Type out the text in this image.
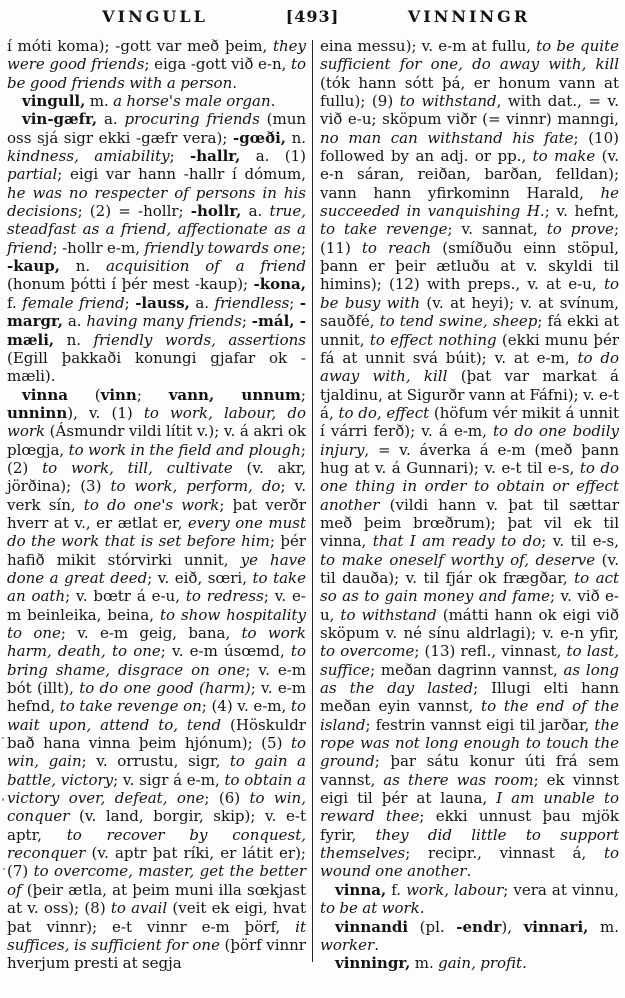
VINGULL	[493]	VINNINGR

í móti koma); -gott var með þeim, they were good friends; eiga -gott við e-n, to be good friends with a person.

vingull, m. a horse's male organ.

vin-gæfr, a. procuring friends (mun oss sjá sigr ekki -gæfr vera); -gœði, n. kindness, amiability; -hallr, a. (1) partial; eigi var hann -hallr í dómum, he was no respecter of persons in his decisions; (2) = -hollr; -hollr, a. true, steadfast as a friend, affectionate as a friend; -hollr e-m, friendly towards one; -kaup, n. acquisition of a friend (honum þótti í þér mest -kaup); -kona, f. female friend; -lauss, a. friendless; -margr, a. having many friends; -mál, -mæli, n. friendly words, assertions (Egill þakkaði konungi gjafar ok -mæli).

vinna (vinn; vann, unnum; unninn), v. (1) to work, labour, do work (Ásmundr vildi lítit v.); v. á akri ok plœgja, to work in the field and plough; (2) to work, till, cultivate (v. akr, jörðina); (3) to work, perform, do; v. verk sín, to do one's work; þat verðr hverr at v., er ætlat er, every one must do the work that is set before him; þér hafið mikit stórvirki unnit, ye have done a great deed; v. eið, sœri, to take an oath; v. bœtr á e-u, to redress; v. e-m beinleika, beina, to show hospitality to one; v. e-m geig, bana, to work harm, death, to one; v. e-m úsœmd, to bring shame, disgrace on one; v. e-m bót (illt), to do one good (harm); v. e-m hefnd, to take revenge on; (4) v. e-m, to wait upon, attend to, tend (Höskuldr bað hana vinna þeim hjónum); (5) to win, gain; v. orrustu, sigr, to gain a battle, victory; v. sigr á e-m, to obtain a victory over, defeat, one; (6) to win, conquer (v. land, borgir, skip); v. e-t aptr, to recover by conquest, reconquer (v. aptr þat ríki, er látit er); (7) to overcome, master, get the better of (þeir ætla, at þeim muni illa sœkjast at v. oss); (8) to avail (veit ek eigi, hvat þat vinnr); e-t vinnr e-m þörf, it suffices, is sufficient for one (þörf vinnr hverjum presti at segja

eina messu); v. e-m at fullu, to be quite sufficient for one, do away with, kill (tók hann sótt þá, er honum vann at fullu); (9) to withstand, with dat., = v. við e-u; sköpum viðr (= vinnr) manngi, no man can withstand his fate; (10) followed by an adj. or pp., to make (v. e-n sáran, reiðan, barðan, felldan); vann hann yfirkominn Harald, he succeeded in vanquishing H.; v. hefnt, to take revenge; v. sannat, to prove; (11) to reach (smíðuðu einn stöpul, þann er þeir ætluðu at v. skyldi til himins); (12) with preps., v. at e-u, to be busy with (v. at heyi); v. at svínum, sauðfé, to tend swine, sheep; fá ekki at unnit, to effect nothing (ekki munu þér fá at unnit svá búit); v. at e-m, to do away with, kill (þat var markat á tjaldinu, at Sigurðr vann at Fáfni); v. e-t á, to do, effect (höfum vér mikit á unnit í várri ferð); v. á e-m, to do one bodily injury, = v. áverka á e-m (með þann hug at v. á Gunnari); v. e-t til e-s, to do one thing in order to obtain or effect another (vildi hann v. þat til sættar með þeim brœðrum); þat vil ek til vinna, that I am ready to do; v. til e-s, to make oneself worthy of, deserve (v. til dauða); v. til fjár ok frægðar, to act so as to gain money and fame; v. við e-u, to withstand (mátti hann ok eigi við sköpum v. né sínu aldrlagi); v. e-n yfir, to overcome; (13) refl., vinnast, to last, suffice; meðan dagrinn vannst, as long as the day lasted; Illugi elti hann meðan eyin vannst, to the end of the island; festrin vannst eigi til jarðar, the rope was not long enough to touch the ground; þar sátu konur úti frá sem vannst, as there was room; ek vinnst eigi til þér at launa, I am unable to reward thee; ekki unnust þau mjök fyrir, they did little to support themselves; recipr., vinnast á, to wound one another.

vinna, f. work, labour; vera at vinnu, to be at work.

vinnandi (pl. -endr), vinnari, m. worker.

vinningr, m. gain, profit.
